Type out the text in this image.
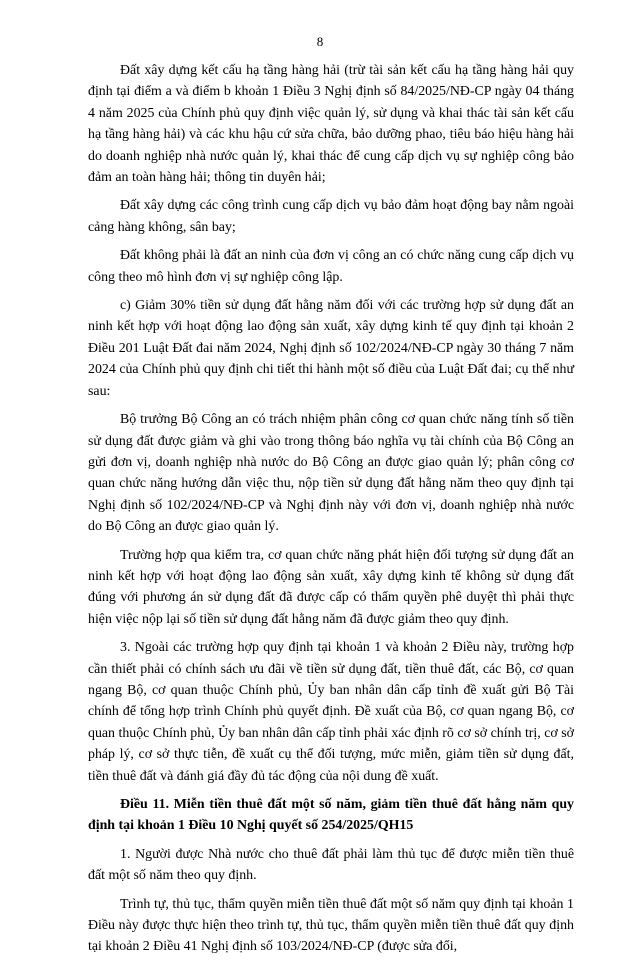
8

Đất xây dựng kết cấu hạ tầng hàng hải (trừ tài sản kết cấu hạ tầng hàng hải quy định tại điểm a và điểm b khoản 1 Điều 3 Nghị định số 84/2025/NĐ-CP ngày 04 tháng 4 năm 2025 của Chính phủ quy định việc quản lý, sử dụng và khai thác tài sản kết cấu hạ tầng hàng hải) và các khu hậu cứ sửa chữa, bảo dưỡng phao, tiêu báo hiệu hàng hải do doanh nghiệp nhà nước quản lý, khai thác để cung cấp dịch vụ sự nghiệp công bảo đảm an toàn hàng hải; thông tin duyên hải;

Đất xây dựng các công trình cung cấp dịch vụ bảo đảm hoạt động bay nằm ngoài cảng hàng không, sân bay;

Đất không phải là đất an ninh của đơn vị công an có chức năng cung cấp dịch vụ công theo mô hình đơn vị sự nghiệp công lập.

c) Giảm 30% tiền sử dụng đất hằng năm đối với các trường hợp sử dụng đất an ninh kết hợp với hoạt động lao động sản xuất, xây dựng kinh tế quy định tại khoản 2 Điều 201 Luật Đất đai năm 2024, Nghị định số 102/2024/NĐ-CP ngày 30 tháng 7 năm 2024 của Chính phủ quy định chi tiết thi hành một số điều của Luật Đất đai; cụ thể như sau:

Bộ trưởng Bộ Công an có trách nhiệm phân công cơ quan chức năng tính số tiền sử dụng đất được giảm và ghi vào trong thông báo nghĩa vụ tài chính của Bộ Công an gửi đơn vị, doanh nghiệp nhà nước do Bộ Công an được giao quản lý; phân công cơ quan chức năng hướng dẫn việc thu, nộp tiền sử dụng đất hằng năm theo quy định tại Nghị định số 102/2024/NĐ-CP và Nghị định này với đơn vị, doanh nghiệp nhà nước do Bộ Công an được giao quản lý.

Trường hợp qua kiểm tra, cơ quan chức năng phát hiện đối tượng sử dụng đất an ninh kết hợp với hoạt động lao động sản xuất, xây dựng kinh tế không sử dụng đất đúng với phương án sử dụng đất đã được cấp có thẩm quyền phê duyệt thì phải thực hiện việc nộp lại số tiền sử dụng đất hằng năm đã được giảm theo quy định.

3. Ngoài các trường hợp quy định tại khoản 1 và khoản 2 Điều này, trường hợp cần thiết phải có chính sách ưu đãi về tiền sử dụng đất, tiền thuê đất, các Bộ, cơ quan ngang Bộ, cơ quan thuộc Chính phủ, Ủy ban nhân dân cấp tỉnh đề xuất gửi Bộ Tài chính để tổng hợp trình Chính phủ quyết định. Đề xuất của Bộ, cơ quan ngang Bộ, cơ quan thuộc Chính phủ, Ủy ban nhân dân cấp tỉnh phải xác định rõ cơ sở chính trị, cơ sở pháp lý, cơ sở thực tiễn, đề xuất cụ thể đối tượng, mức miễn, giảm tiền sử dụng đất, tiền thuê đất và đánh giá đầy đủ tác động của nội dung đề xuất.

Điều 11. Miễn tiền thuê đất một số năm, giảm tiền thuê đất hằng năm quy định tại khoản 1 Điều 10 Nghị quyết số 254/2025/QH15

1. Người được Nhà nước cho thuê đất phải làm thủ tục để được miễn tiền thuê đất một số năm theo quy định.

Trình tự, thủ tục, thẩm quyền miễn tiền thuê đất một số năm quy định tại khoản 1 Điều này được thực hiện theo trình tự, thủ tục, thẩm quyền miễn tiền thuê đất quy định tại khoản 2 Điều 41 Nghị định số 103/2024/NĐ-CP (được sửa đổi,
